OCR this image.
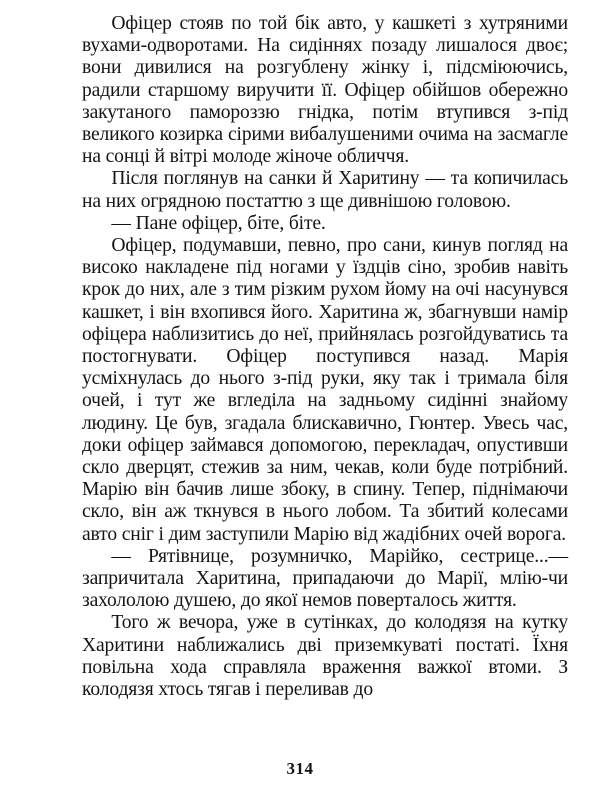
Офіцер стояв по той бік авто, у кашкеті з хутряними вухами-одворотами. На сидіннях позаду лишалося двоє; вони дивилися на розгублену жінку і, підсміюючись, радили старшому виручити її. Офіцер обійшов обережно закутаного памороззю гнідка, потім втупився з-під великого козирка сірими вибалушеними очима на засмагле на сонці й вітрі молоде жіноче обличчя.

Після поглянув на санки й Харитину — та копичилась на них огрядною постаттю з ще дивнішою головою.

— Пане офіцер, біте, біте.

Офіцер, подумавши, певно, про сани, кинув погляд на високо накладене під ногами у їздців сіно, зробив навіть крок до них, але з тим різким рухом йому на очі насунувся кашкет, і він вхопився його. Харитина ж, збагнувши намір офіцера наблизитись до неї, прийнялась розгойдуватись та постогнувати. Офіцер поступився назад. Марія усміхнулась до нього з-під руки, яку так і тримала біля очей, і тут же вгледіла на задньому сидінні знайому людину. Це був, згадала блискавично, Гюнтер. Увесь час, доки офіцер займався допомогою, перекладач, опустивши скло дверцят, стежив за ним, чекав, коли буде потрібний. Марію він бачив лише збоку, в спину. Тепер, піднімаючи скло, він аж ткнувся в нього лобом. Та збитий колесами авто сніг і дим заступили Марію від жадібних очей ворога.

— Рятівнице, розумничко, Марійко, сестрице...— запричитала Харитина, припадаючи до Марії, млію-чи захололою душею, до якої немов поверталось життя.

Того ж вечора, уже в сутінках, до колодязя на кутку Харитини наближались дві приземкуваті постаті. Їхня повільна хода справляла враження важкої втоми. З колодязя хтось тягав і переливав до

314
